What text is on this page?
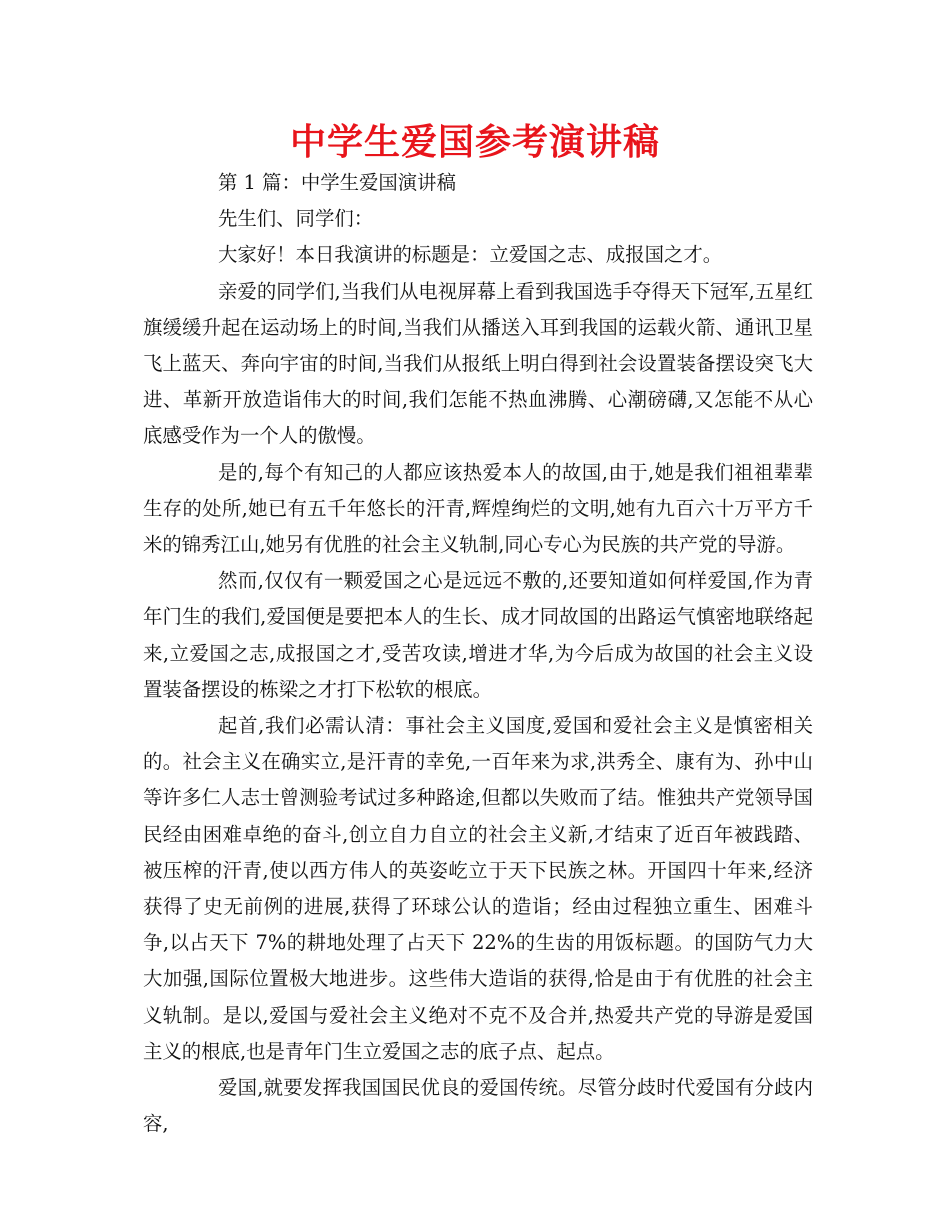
中学生爱国参考演讲稿

第 1 篇：中学生爱国演讲稿

先生们、同学们：

大家好！本日我演讲的标题是：立爱国之志、成报国之才。

亲爱的同学们,当我们从电视屏幕上看到我国选手夺得天下冠军,五星红旗缓缓升起在运动场上的时间,当我们从播送入耳到我国的运载火箭、通讯卫星飞上蓝天、奔向宇宙的时间,当我们从报纸上明白得到社会设置装备摆设突飞大进、革新开放造诣伟大的时间,我们怎能不热血沸腾、心潮磅礴,又怎能不从心底感受作为一个人的傲慢。

是的,每个有知己的人都应该热爱本人的故国,由于,她是我们祖祖辈辈生存的处所,她已有五千年悠长的汗青,辉煌绚烂的文明,她有九百六十万平方千米的锦秀江山,她另有优胜的社会主义轨制,同心专心为民族的共产党的导游。

然而,仅仅有一颗爱国之心是远远不敷的,还要知道如何样爱国,作为青年门生的我们,爱国便是要把本人的生长、成才同故国的出路运气慎密地联络起来,立爱国之志,成报国之才,受苦攻读,增进才华,为今后成为故国的社会主义设置装备摆设的栋梁之才打下松软的根底。

起首,我们必需认清：事社会主义国度,爱国和爱社会主义是慎密相关的。社会主义在确实立,是汗青的幸免,一百年来为求,洪秀全、康有为、孙中山等许多仁人志士曾测验考试过多种路途,但都以失败而了结。惟独共产党领导国民经由困难卓绝的奋斗,创立自力自立的社会主义新,才结束了近百年被践踏、被压榨的汗青,使以西方伟人的英姿屹立于天下民族之林。开国四十年来,经济获得了史无前例的进展,获得了环球公认的造诣；经由过程独立重生、困难斗争,以占天下 7%的耕地处理了占天下 22%的生齿的用饭标题。的国防气力大大加强,国际位置极大地进步。这些伟大造诣的获得,恰是由于有优胜的社会主义轨制。是以,爱国与爱社会主义绝对不克不及合并,热爱共产党的导游是爱国主义的根底,也是青年门生立爱国之志的底子点、起点。

爱国,就要发挥我国国民优良的爱国传统。尽管分歧时代爱国有分歧内容,
